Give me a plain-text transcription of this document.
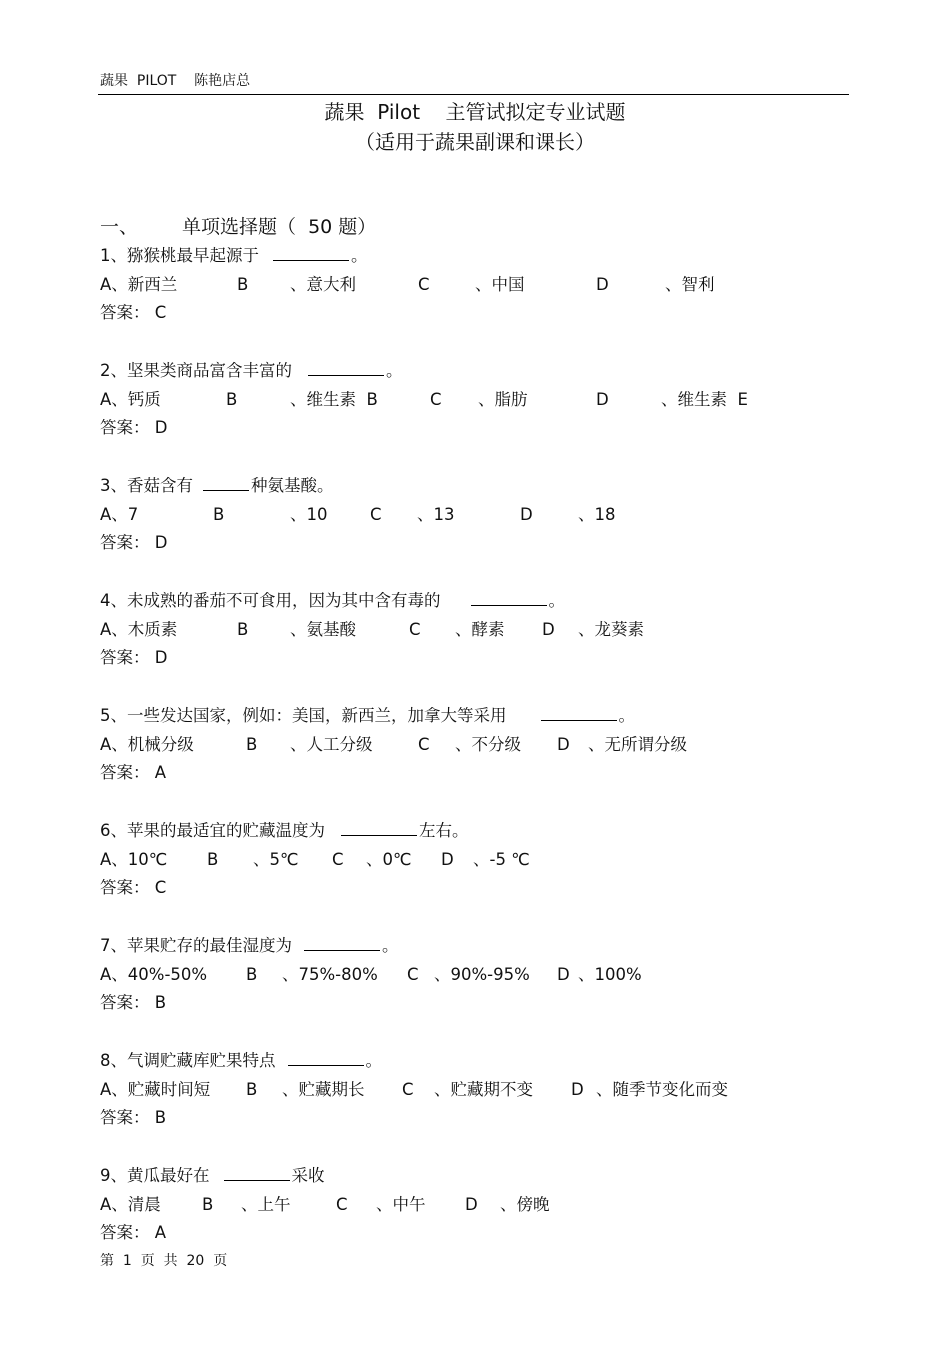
蔬果  PILOT    陈艳店总
蔬果  Pilot    主管试拟定专业试题
（适用于蔬果副课和课长）
一、 单项选择题（  50 题）
1、猕猴桃最早起源于	。
A、新西兰	B	、意大利	C	、中国	D	、智利
答案： C
2、坚果类商品富含丰富的	。
A、钙质	B	、维生素  B	C 、脂肪	D	、维生素  E
答案： D
3、香菇含有	种氨基酸。
A、7	B	、10	C 、13	D	、18
答案： D
4、未成熟的番茄不可食用，因为其中含有毒的	。
A、木质素	B	、氨基酸	C 、酵素 D 、龙葵素
答案： D
5、一些发达国家，例如：美国，新西兰，加拿大等采用	。
A、机械分级	B 、人工分级	C 、不分级 D 、无所谓分级
答案： A
6、苹果的最适宜的贮藏温度为	左右。
A、10℃ B 、5℃ C 、0℃ D 、-5 ℃
答案： C
7、苹果贮存的最佳湿度为	。
A、40%-50% B 、75%-80% C 、90%-95% D 、100%
答案： B
8、气调贮藏库贮果特点	。
A、贮藏时间短 B 、贮藏期长 C 、贮藏期不变 D 、随季节变化而变
答案： B
9、黄瓜最好在	采收
A、清晨 B 、上午	C 、中午 D 、傍晚
答案： A
第  1  页  共  20  页
